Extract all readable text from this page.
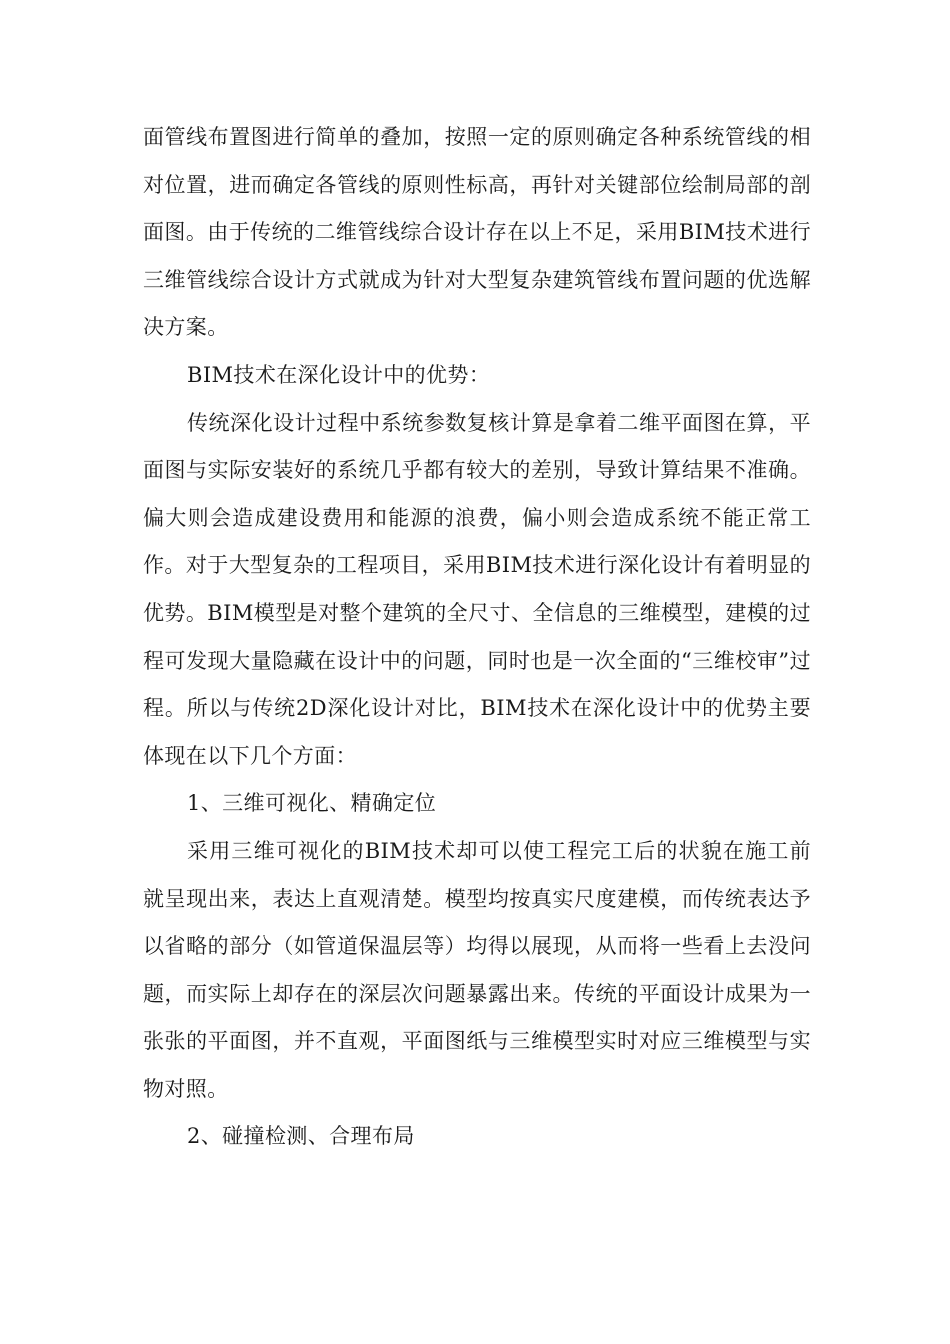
面管线布置图进行简单的叠加，按照一定的原则确定各种系统管线的相对位置，进而确定各管线的原则性标高，再针对关键部位绘制局部的剖面图。由于传统的二维管线综合设计存在以上不足，采用BIM技术进行三维管线综合设计方式就成为针对大型复杂建筑管线布置问题的优选解决方案。

BIM技术在深化设计中的优势：

传统深化设计过程中系统参数复核计算是拿着二维平面图在算，平面图与实际安装好的系统几乎都有较大的差别，导致计算结果不准确。偏大则会造成建设费用和能源的浪费，偏小则会造成系统不能正常工作。对于大型复杂的工程项目，采用BIM技术进行深化设计有着明显的优势。BIM模型是对整个建筑的全尺寸、全信息的三维模型，建模的过程可发现大量隐藏在设计中的问题，同时也是一次全面的“三维校审”过程。所以与传统2D深化设计对比，BIM技术在深化设计中的优势主要体现在以下几个方面：

1、三维可视化、精确定位

采用三维可视化的BIM技术却可以使工程完工后的状貌在施工前就呈现出来，表达上直观清楚。模型均按真实尺度建模，而传统表达予以省略的部分（如管道保温层等）均得以展现，从而将一些看上去没问题，而实际上却存在的深层次问题暴露出来。传统的平面设计成果为一张张的平面图，并不直观，平面图纸与三维模型实时对应三维模型与实物对照。

2、碰撞检测、合理布局
